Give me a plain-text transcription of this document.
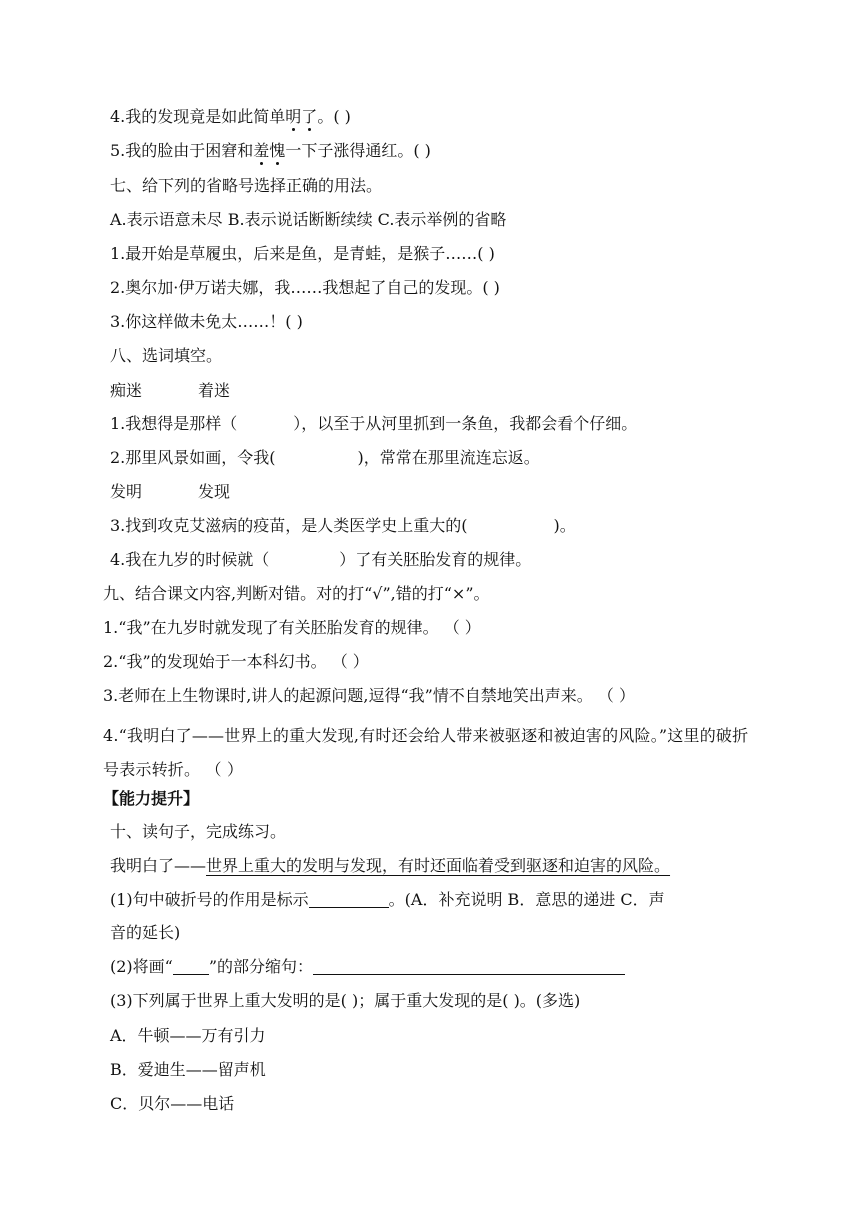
4.我的发现竟是如此简单明了。( )
5.我的脸由于困窘和羞愧一下子涨得通红。( )
七、给下列的省略号选择正确的用法。
A.表示语意未尽 B.表示说话断断续续 C.表示举例的省略
1.最开始是草履虫，后来是鱼，是青蛙，是猴子……( )
2.奥尔加·伊万诺夫娜，我……我想起了自己的发现。( )
3.你这样做未免太……！( )
八、选词填空。
痴迷	着迷
1.我想得是那样（	），以至于从河里抓到一条鱼，我都会看个仔细。
2.那里风景如画，令我(	)，常常在那里流连忘返。
发明	发现
3.找到攻克艾滋病的疫苗，是人类医学史上重大的(	)。
4.我在九岁的时候就（	）了有关胚胎发育的规律。
九、结合课文内容,判断对错。对的打“√”,错的打“×”。
1.“我”在九岁时就发现了有关胚胎发育的规律。 （ ）
2.“我”的发现始于一本科幻书。 （ ）
3.老师在上生物课时,讲人的起源问题,逗得“我”情不自禁地笑出声来。 （ ）
4.“我明白了——世界上的重大发现,有时还会给人带来被驱逐和被迫害的风险。”这里的破折号表示转折。 （ ）
【能力提升】
十、读句子，完成练习。
我明白了——世界上重大的发明与发现，有时还面临着受到驱逐和迫害的风险。
(1)句中破折号的作用是标示	。(A．补充说明 B．意思的递进 C．声
音的延长)
(2)将画“ ”的部分缩句：
(3)下列属于世界上重大发明的是( )；属于重大发现的是( )。(多选)
A．牛顿——万有引力
B．爱迪生——留声机
C．贝尔——电话
